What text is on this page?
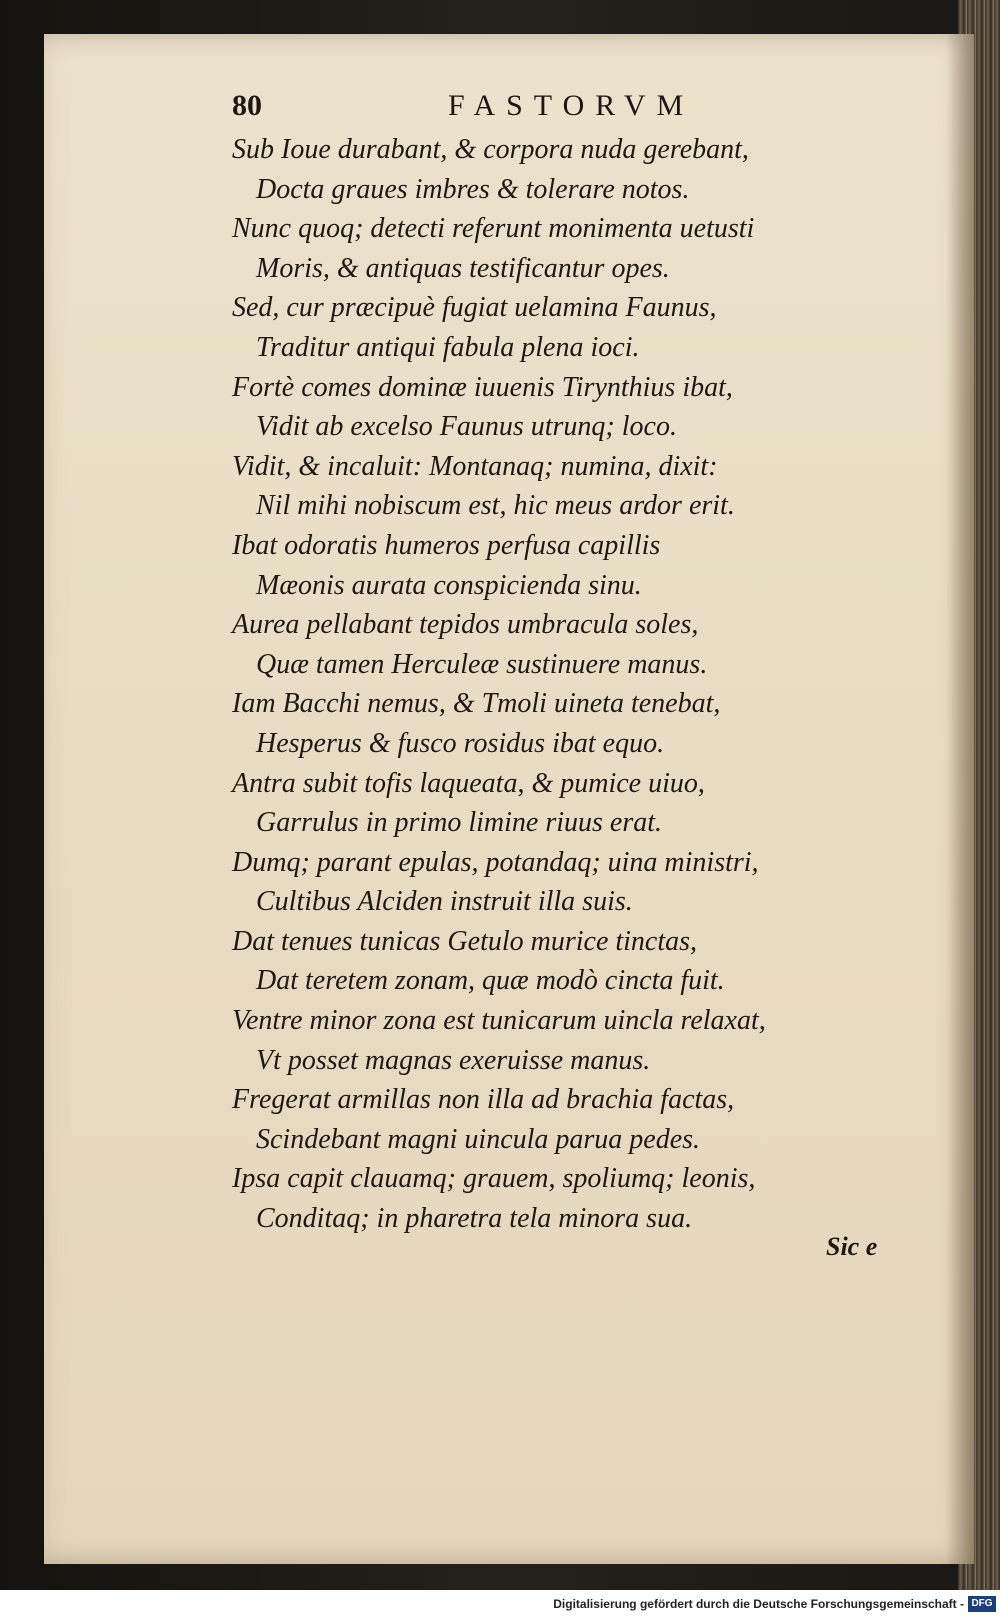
80	FASTORVM
Sub Ioue durabant, & corpora nuda gerebant,
Docta graues imbres & tolerare notos.
Nunc quoq; detecti referunt monimenta uetusti
Moris, & antiquas testificantur opes.
Sed, cur præcipuè fugiat uelamina Faunus,
Traditur antiqui fabula plena ioci.
Fortè comes dominæ iuuenis Tirynthius ibat,
Vidit ab excelso Faunus utrunq; loco.
Vidit, & incaluit: Montanaq; numina, dixit:
Nil mihi nobiscum est, hic meus ardor erit.
Ibat odoratis humeros perfusa capillis
Mæonis aurata conspicienda sinu.
Aurea pellabant tepidos umbracula soles,
Quæ tamen Herculeæ sustinuere manus.
Iam Bacchi nemus, & Tmoli uineta tenebat,
Hesperus & fusco rosidus ibat equo.
Antra subit tofis laqueata, & pumice uiuo,
Garrulus in primo limine riuus erat.
Dumq; parant epulas, potandaq; uina ministri,
Cultibus Alciden instruit illa suis.
Dat tenues tunicas Getulo murice tinctas,
Dat teretem zonam, quæ modò cincta fuit.
Ventre minor zona est tunicarum uincla relaxat,
Vt posset magnas exeruisse manus.
Fregerat armillas non illa ad brachia factas,
Scindebant magni uincula parua pedes.
Ipsa capit clauamq; grauem, spoliumq; leonis,
Conditaq; in pharetra tela minora sua.
Sic e
Digitalisierung gefördert durch die Deutsche Forschungsgemeinschaft - DFG
